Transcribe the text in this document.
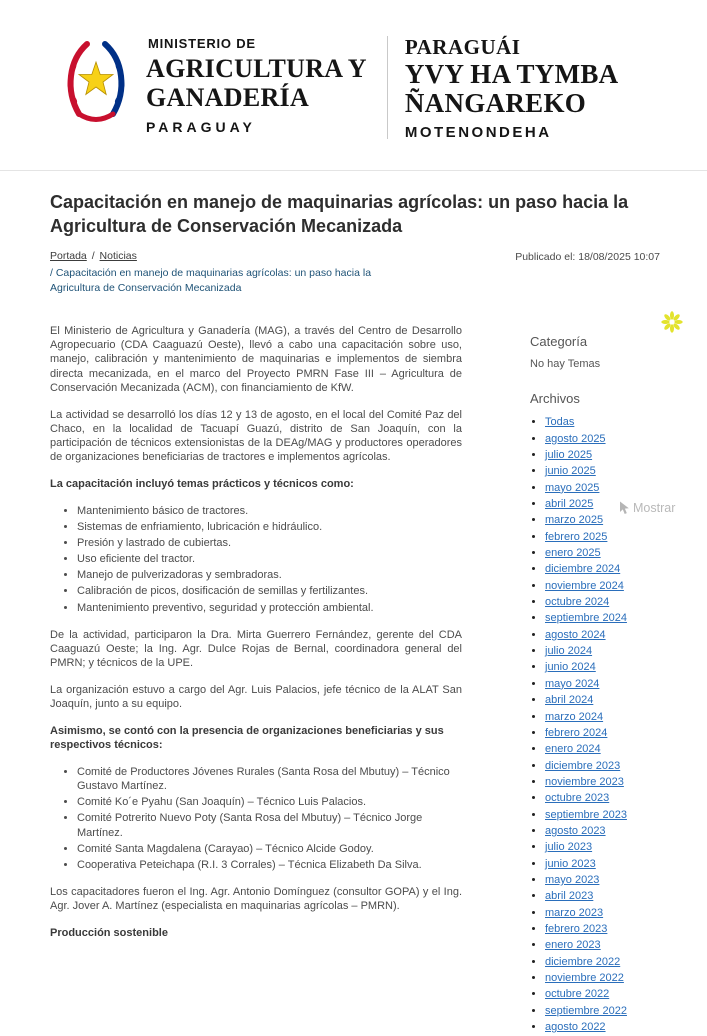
MINISTERIO DE
AGRICULTURA Y
GANADERÍA
PARAGUAY
PARAGUÁI
YVY HA TYMBA
ÑANGAREKO
MOTENONDEHA
Capacitación en manejo de maquinarias agrícolas: un paso hacia la Agricultura de Conservación Mecanizada
Portada / Noticias
/ Capacitación en manejo de maquinarias agrícolas: un paso hacia la Agricultura de Conservación Mecanizada
Publicado el: 18/08/2025 10:07

El Ministerio de Agricultura y Ganadería (MAG), a través del Centro de Desarrollo Agropecuario (CDA Caaguazú Oeste), llevó a cabo una capacitación sobre uso, manejo, calibración y mantenimiento de maquinarias e implementos de siembra directa mecanizada, en el marco del Proyecto PMRN Fase III – Agricultura de Conservación Mecanizada (ACM), con financiamiento de KfW.

La actividad se desarrolló los días 12 y 13 de agosto, en el local del Comité Paz del Chaco, en la localidad de Tacuapí Guazú, distrito de San Joaquín, con la participación de técnicos extensionistas de la DEAg/MAG y productores operadores de organizaciones beneficiarias de tractores e implementos agrícolas.

La capacitación incluyó temas prácticos y técnicos como:

• Mantenimiento básico de tractores.
• Sistemas de enfriamiento, lubricación e hidráulico.
• Presión y lastrado de cubiertas.
• Uso eficiente del tractor.
• Manejo de pulverizadoras y sembradoras.
• Calibración de picos, dosificación de semillas y fertilizantes.
• Mantenimiento preventivo, seguridad y protección ambiental.

De la actividad, participaron la Dra. Mirta Guerrero Fernández, gerente del CDA Caaguazú Oeste; la Ing. Agr. Dulce Rojas de Bernal, coordinadora general del PMRN; y técnicos de la UPE.

La organización estuvo a cargo del Agr. Luis Palacios, jefe técnico de la ALAT San Joaquín, junto a su equipo.

Asimismo, se contó con la presencia de organizaciones beneficiarias y sus respectivos técnicos:

• Comité de Productores Jóvenes Rurales (Santa Rosa del Mbutuy) – Técnico Gustavo Martínez.
• Comité Ko´e Pyahu (San Joaquín) – Técnico Luis Palacios.
• Comité Potrerito Nuevo Poty (Santa Rosa del Mbutuy) – Técnico Jorge Martínez.
• Comité Santa Magdalena (Carayao) – Técnico Alcide Godoy.
• Cooperativa Peteichapa (R.I. 3 Corrales) – Técnica Elizabeth Da Silva.

Los capacitadores fueron el Ing. Agr. Antonio Domínguez (consultor GOPA) y el Ing. Agr. Jover A. Martínez (especialista en maquinarias agrícolas – PMRN).

Producción sostenible

Categoría
No hay Temas
Archivos
• Todas
• agosto 2025
• julio 2025
• junio 2025
• mayo 2025
• abril 2025
• marzo 2025
• febrero 2025
• enero 2025
• diciembre 2024
• noviembre 2024
• octubre 2024
• septiembre 2024
• agosto 2024
• julio 2024
• junio 2024
• mayo 2024
• abril 2024
• marzo 2024
• febrero 2024
• enero 2024
• diciembre 2023
• noviembre 2023
• octubre 2023
• septiembre 2023
• agosto 2023
• julio 2023
• junio 2023
• mayo 2023
• abril 2023
• marzo 2023
• febrero 2023
• enero 2023
• diciembre 2022
• noviembre 2022
• octubre 2022
• septiembre 2022
• agosto 2022
Mostrar
